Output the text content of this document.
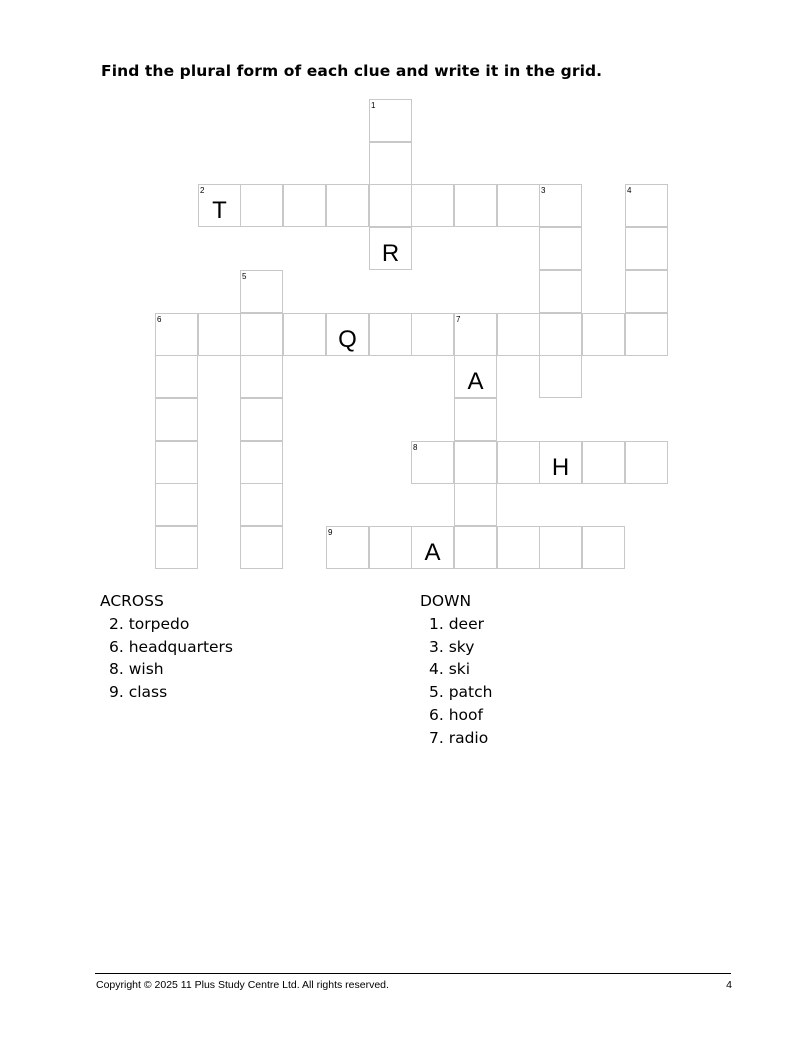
Find the plural form of each clue and write it in the grid.
1
2
T
3	4
R
5
6
Q
7
A
8
H
9
A
ACROSS
2. torpedo
6. headquarters
8. wish
9. class
DOWN
1. deer
3. sky
4. ski
5. patch
6. hoof
7. radio
Copyright © 2025 11 Plus Study Centre Ltd. All rights reserved.	4
